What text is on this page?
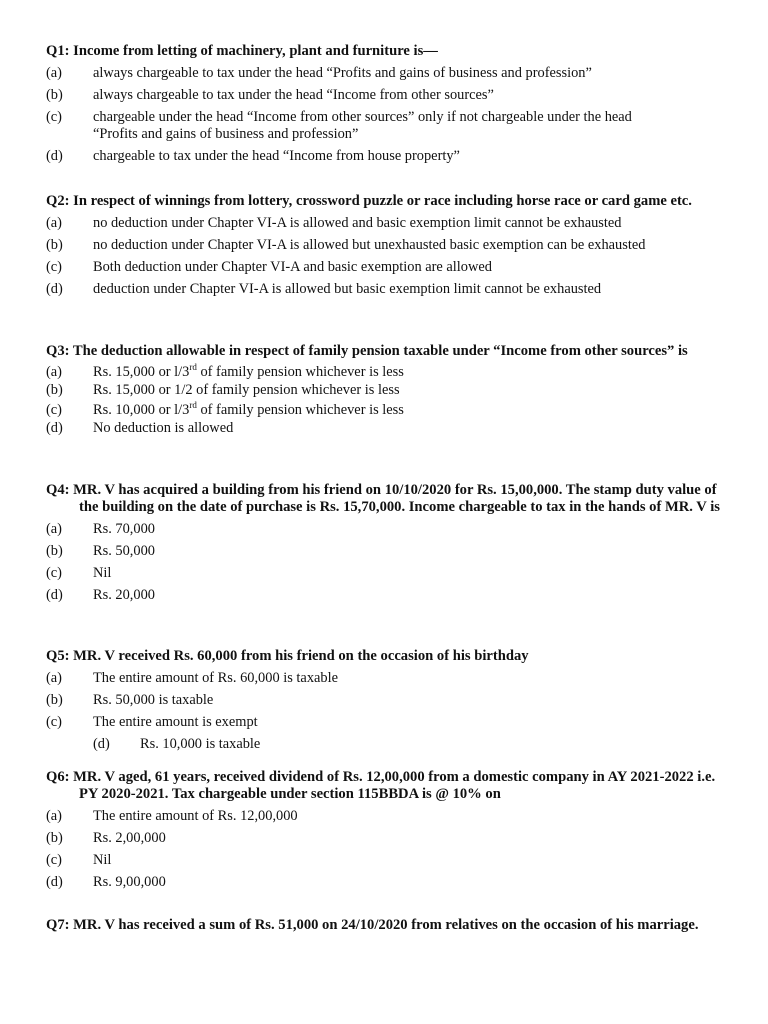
Q1: Income from letting of machinery, plant and furniture is—
(a) always chargeable to tax under the head “Profits and gains of business and profession”
(b) always chargeable to tax under the head “Income from other sources”
(c) chargeable under the head “Income from other sources” only if not chargeable under the head
“Profits and gains of business and profession”
(d) chargeable to tax under the head “Income from house property”
Q2: In respect of winnings from lottery, crossword puzzle or race including horse race or card game etc.
(a) no deduction under Chapter VI-A is allowed and basic exemption limit cannot be exhausted
(b) no deduction under Chapter VI-A is allowed but unexhausted basic exemption can be exhausted
(c) Both deduction under Chapter VI-A and basic exemption are allowed
(d) deduction under Chapter VI-A is allowed but basic exemption limit cannot be exhausted
Q3: The deduction allowable in respect of family pension taxable under “Income from other sources” is
(a) Rs. 15,000 or l/3rd of family pension whichever is less
(b) Rs. 15,000 or 1/2 of family pension whichever is less
(c) Rs. 10,000 or l/3rd of family pension whichever is less
(d) No deduction is allowed
Q4: MR. V has acquired a building from his friend on 10/10/2020 for Rs. 15,00,000. The stamp duty value of the building on the date of purchase is Rs. 15,70,000. Income chargeable to tax in the hands of MR. V is
(a) Rs. 70,000
(b) Rs. 50,000
(c) Nil
(d) Rs. 20,000
Q5: MR. V received Rs. 60,000 from his friend on the occasion of his birthday
(a) The entire amount of Rs. 60,000 is taxable
(b) Rs. 50,000 is taxable
(c) The entire amount is exempt
(d) Rs. 10,000 is taxable
Q6: MR. V aged, 61 years, received dividend of Rs. 12,00,000 from a domestic company in AY 2021-2022 i.e. PY 2020-2021. Tax chargeable under section 115BBDA is @ 10% on
(a) The entire amount of Rs. 12,00,000
(b) Rs. 2,00,000
(c) Nil
(d) Rs. 9,00,000
Q7: MR. V has received a sum of Rs. 51,000 on 24/10/2020 from relatives on the occasion of his marriage.
